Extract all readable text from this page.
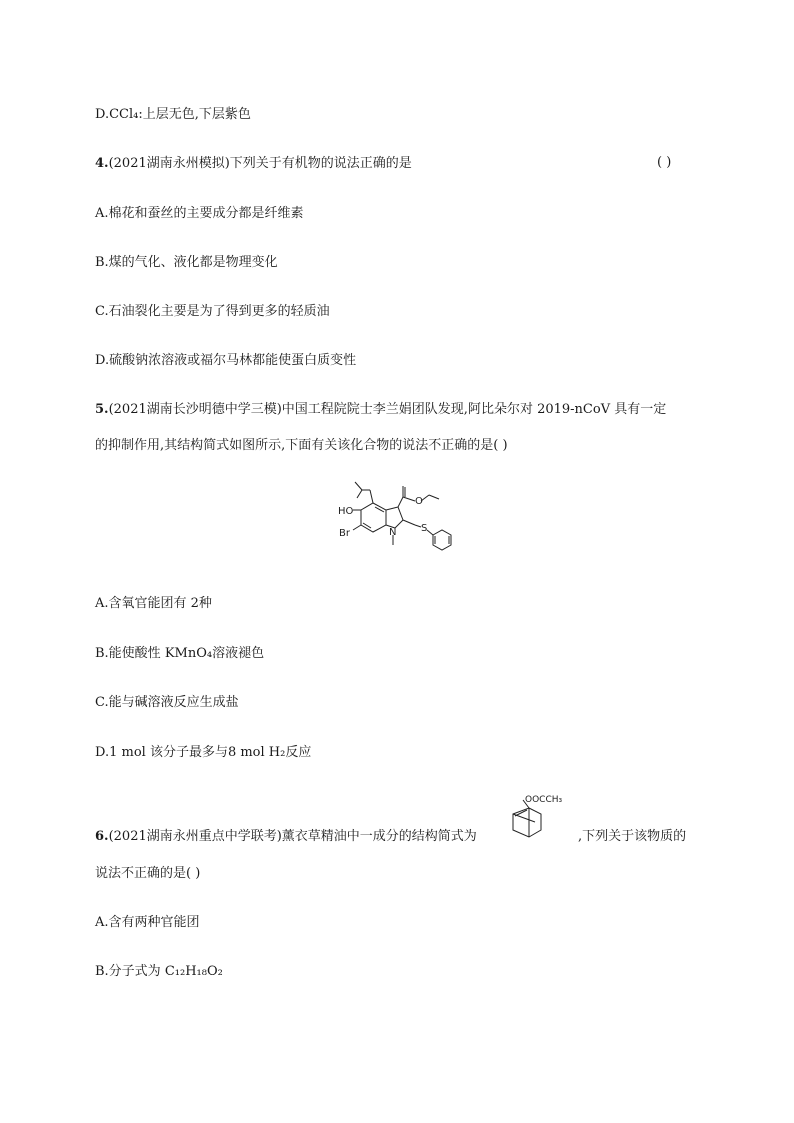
D.CCl₄:上层无色,下层紫色
4.(2021湖南永州模拟)下列关于有机物的说法正确的是	( )
A.棉花和蚕丝的主要成分都是纤维素
B.煤的气化、液化都是物理变化
C.石油裂化主要是为了得到更多的轻质油
D.硫酸钠浓溶液或福尔马林都能使蛋白质变性
5.(2021湖南长沙明德中学三模)中国工程院院士李兰娟团队发现,阿比朵尔对 2019-nCoV 具有一定
的抑制作用,其结构简式如图所示,下面有关该化合物的说法不正确的是( )
HO
Br	N S
O
A.含氧官能团有 2种
B.能使酸性 KMnO₄溶液褪色
C.能与碱溶液反应生成盐
D.1 mol 该分子最多与8 mol H₂反应
OOCCH₃
6.(2021湖南永州重点中学联考)薰衣草精油中一成分的结构简式为	,下列关于该物质的
说法不正确的是( )
A.含有两种官能团
B.分子式为 C₁₂H₁₈O₂
